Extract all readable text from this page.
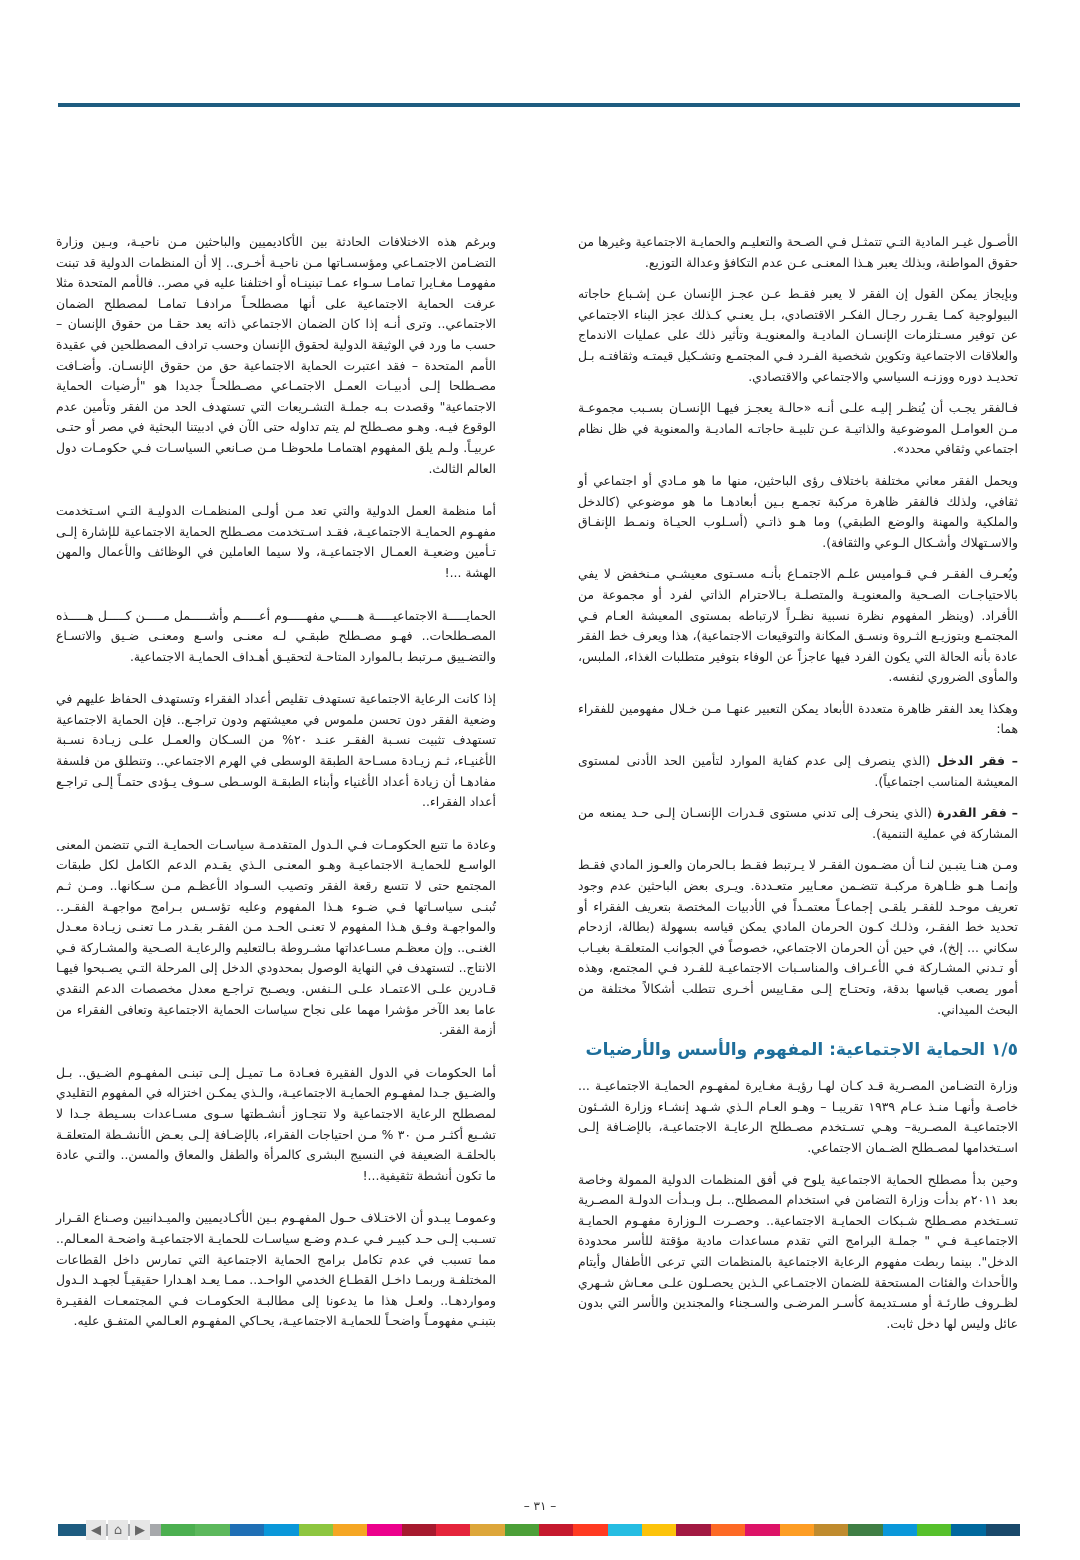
الأصـول غيـر المادية التـي تتمثـل فـي الصـحة والتعليـم والحمايـة الاجتماعية وغيرها من حقوق المواطنة، وبذلك يعبر هـذا المعنـى عـن عدم التكافؤ وعدالة التوزيع.

وبإيجاز يمكن القول إن الفقر لا يعبر فقـط عـن عجـز الإنسان عـن إشـباع حاجاته البيولوجية كمـا يقـرر رجـال الفكـر الاقتصادي، بـل يعنـي كـذلك عجز البناء الاجتماعي عن توفير مسـتلزمات الإنسـان الماديـة والمعنويـة وتأثير ذلك على عمليات الاندماج والعلاقات الاجتماعية وتكوين شخصية الفـرد فـي المجتمـع وتشـكيل قيمتـه وثقافتـه بـل تحديـد دوره ووزنـه السياسي والاجتماعي والاقتصادي.

فـالفقر يجـب أن يُنظـر إليـه علـى أنـه «حالـة يعجـز فيهـا الإنسـان بسـبب مجموعـة مـن العوامـل الموضوعية والذاتيـة عـن تلبيـة حاجاتـه الماديـة والمعنوية في ظل نظام اجتماعي وثقافي محدد».

ويحمل الفقر معاني مختلفة باختلاف رؤى الباحثين، منها ما هو مـادي أو اجتماعي أو ثقافي، ولذلك فالفقر ظاهرة مركبة تجمـع بـين أبعادهـا ما هو موضوعي (كالدخل والملكية والمهنة والوضع الطبقي) وما هـو ذاتـي (أسـلوب الحيـاة ونمـط الإنفـاق والاسـتهلاك وأشـكال الـوعي والثقافة).

ويُعـرف الفقـر فـي قـواميس علـم الاجتمـاع بأنـه مسـتوى معيشـي مـنخفض لا يفي بالاحتياجـات الصـحية والمعنويـة والمتصلـة بـالاحترام الذاتي لفرد أو مجموعة من الأفراد. (وينظر المفهوم نظرة نسبية نظـراً لارتباطه بمستوى المعيشة العـام فـي المجتمـع وبتوزيـع الثـروة ونسـق المكانة والتوقيعات الاجتماعية)، هذا ويعرف خط الفقر عادة بأنه الحالة التي يكون الفرد فيها عاجزاً عن الوفاء بتوفير متطلبات الغذاء، الملبس، والمأوى الضروري لنفسه.

وهكذا يعد الفقر ظاهرة متعددة الأبعاد يمكن التعبير عنهـا مـن خـلال مفهومين للفقراء هما:

– فقر الدخل (الذي ينصرف إلى عدم كفاية الموارد لتأمين الحد الأدنى لمستوى المعيشة المناسب اجتماعياً).

– فقر القدرة (الذي ينحرف إلى تدني مستوى قـدرات الإنسـان إلـى حـد يمنعه من المشاركة في عملية التنمية).

ومـن هنـا يتبـين لنـا أن مضـمون الفقـر لا يـرتبط فقـط بـالحرمان والعـوز المادي فقـط وإنمـا هـو ظـاهرة مركبـة تتضـمن معـايير متعـددة. ويـرى بعض الباحثين عدم وجود تعريف موحـد للفقـر يلقـى إجماعـاً معتمـداً في الأدبيات المختصة بتعريف الفقراء أو تحديد خط الفقـر، وذلـك كـون الحرمان المادي يمكن قياسه بسهولة (بطالة، ازدحام سكاني ... إلخ)، في حين أن الحرمان الاجتماعي، خصوصاً في الجوانب المتعلقـة بغيـاب أو تـدني المشـاركة فـي الأعـراف والمناسـبات الاجتماعيـة للفـرد فـي المجتمع، وهذه أمور يصعب قياسها بدقة، وتحتـاج إلـى مقـاييس أخـرى تتطلب أشكالاً مختلفة من البحث الميداني.

١/٥ الحماية الاجتماعية: المفهوم والأسس والأرضيات

وزارة التضـامن المصـرية قـد كـان لهـا رؤيـة مغـايرة لمفهـوم الحمايـة الاجتماعيـة ... خاصـة وأنهـا منـذ عـام ١٩٣٩ تقريبـا – وهـو العـام الـذي شـهد إنشـاء وزارة الشـئون الاجتماعيـة المصـرية– وهـي تسـتخدم مصـطلح الرعايـة الاجتماعيـة، بالإضـافة إلـى اسـتخدامها لمصـطلح الضـمان الاجتماعي.

وحين بدأ مصطلح الحماية الاجتماعية يلوح في أفق المنظمات الدولية الممولة وخاصة بعد ٢٠١١م بدأت وزارة التضامن في استخدام المصطلح.. بـل وبـدأت الدولـة المصـرية تسـتخدم مصـطلح شـبكات الحمايـة الاجتماعية.. وحصـرت الـوزارة مفهـوم الحمايـة الاجتماعيـة فـي " جملـة البرامج التي تقدم مساعدات مادية مؤقتة للأسر محدودة الدخل". بينما ربطت مفهوم الرعاية الاجتماعية بالمنظمات التي ترعى الأطفال وأيتام والأحداث والفئات المستحقة للضمان الاجتمـاعي الـذين يحصـلون علـى معـاش شـهري لظـروف طارئـة أو مسـتديمة كأسـر المرضـى والسـجناء والمجندين والأسر التي بدون عائل وليس لها دخل ثابت.

وبرغم هذه الاختلافات الحادثة بين الأكاديميين والباحثين مـن ناحيـة، وبـين وزارة التضـامن الاجتمـاعي ومؤسسـاتها مـن ناحيـة أخـرى.. إلا أن المنظمات الدولية قد تبنت مفهومـا مغـايرا تمامـا سـواء عمـا تبنينـاه أو اختلفنا عليه في مصر.. فالأمم المتحدة مثلا عرفت الحماية الاجتماعية على أنها مصطلحـاً مرادفـا تمامـا لمصطلح الضمان الاجتماعي.. وترى أنـه إذا كان الضمان الاجتماعي ذاته يعد حقـا من حقوق الإنسان – حسب ما ورد في الوثيقة الدولية لحقوق الإنسان وحسب ترادف المصطلحين في عقيدة الأمم المتحدة – فقد اعتبرت الحماية الاجتماعية حق من حقوق الإنسـان. وأضـافت مصـطلحا إلـى أدبيـات العمـل الاجتمـاعي مصـطلحـاً جديدا هو "أرضيات الحماية الاجتماعية" وقصدت بـه جملـة التشـريعات التي تستهدف الحد من الفقر وتأمين عدم الوقوع فيـه. وهـو مصـطلح لم يتم تداوله حتى الآن في ادبيتنا البحثية في مصر أو حتـى عربيـاً. ولـم يلق المفهوم اهتمامـا ملحوظـا مـن صـانعي السياسـات فـي حكومـات دول العالم الثالث.

أما منظمة العمل الدولية والتي تعد مـن أولـى المنظمـات الدوليـة التـي اسـتخدمت مفهـوم الحمايـة الاجتماعيـة، فقـد اسـتخدمت مصـطلح الحماية الاجتماعية للإشارة إلـى تـأمين وضعيـة العمـال الاجتماعيـة، ولا سيما العاملين في الوظائف والأعمال والمهن الهشة ...!

الحمايـــــة الاجتماعيـــــة هـــــي مفهـــــوم أعـــــم وأشـــــمل مـــــن كـــــل هـــــذه المصـطلحات.. فهـو مصـطلح طبقـي لـه معنـى واسـع ومعنـى ضـيق والاتسـاع والتضـييق مـرتبط بـالموارد المتاحـة لتحقيـق أهـداف الحمايـة الاجتماعية.

إذا كانت الرعاية الاجتماعية تستهدف تقليص أعداد الفقراء وتستهدف الحفاظ عليهم في وضعية الفقر دون تحسن ملموس في معيشتهم ودون تراجـع.. فإن الحماية الاجتماعية تستهدف تثبيت نسـبة الفقـر عنـد ٢٠% من السـكان والعمـل علـى زيـادة نسـبة الأغنيـاء، ثـم زيـادة مسـاحة الطبقة الوسطى في الهرم الاجتماعي.. وتنطلق من فلسفة مفادهـا أن زيادة أعداد الأغنياء وأبناء الطبقـة الوسـطى سـوف يـؤدى حتمـاً إلـى تراجـع أعداد الفقراء..

وعادة ما تتبع الحكومـات فـي الـدول المتقدمـة سياسـات الحمايـة التـي تتضمن المعنى الواسـع للحمايـة الاجتماعيـة وهـو المعنـى الـذي يقـدم الدعم الكامل لكل طبقات المجتمع حتى لا تتسع رقعة الفقر وتصيب السـواد الأعظـم مـن سـكانها.. ومـن ثـم تُبنـى سياسـاتها فـي ضـوء هـذا المفهوم وعليه تؤسـس بـرامج مواجهـة الفقـر.. والمواجهـة وفـق هـذا المفهوم لا تعنـى الحـد مـن الفقـر بقـدر مـا تعنـى زيـادة معـدل الغنـى.. وإن معظـم مسـاعداتها مشـروطة بـالتعليم والرعايـة الصـحية والمشـاركة فـي الانتاج.. لتستهدف في النهاية الوصول بمحدودي الدخل إلى المرحلة التـي يصـبحوا فيهـا قـادرين علـى الاعتمـاد علـى الـنفس. ويصـبح تراجـع معدل مخصصات الدعم النقدي عاما بعد الآخر مؤشرا مهما على نجاح سياسات الحماية الاجتماعية وتعافى الفقراء من أزمة الفقر.

أما الحكومات في الدول الفقيرة فعـادة مـا تميـل إلـى تبنـى المفهـوم الضـيق.. بـل والضـيق جـدا لمفهـوم الحمايـة الاجتماعيـة، والـذي يمكـن اختزاله في المفهوم التقليدي لمصطلح الرعاية الاجتماعية ولا تتجـاوز أنشـطتها سـوى مسـاعدات بسـيطة جـدا لا تشـبع أكثـر مـن ٣٠ % مـن احتياجات الفقراء، بالإضـافة إلـى بعـض الأنشـطة المتعلقـة بالحلقـة الضعيفة في النسيج البشرى كالمرأة والطفل والمعاق والمسن.. والتـي عادة ما تكون أنشطة تثقيفية...!

وعمومـا يبـدو أن الاختـلاف حـول المفهـوم بـين الأكـاديميين والميـدانيين وصـناع القـرار تسـبب إلـى حـد كبيـر فـي عـدم وضـع سياسـات للحمايـة الاجتماعيـة واضحـة المعـالم.. مما تسبب في عدم تكامل برامج الحماية الاجتماعية التي تمارس داخل القطاعات المختلفـة وربمـا داخـل القطـاع الخدمي الواحـد.. ممـا يعـد اهـدارا حقيقيـاً لجهـد الـدول ومواردهـا.. ولعـل هذا ما يدعونا إلى مطالبـة الحكومـات فـي المجتمعـات الفقيـرة بتبنـي مفهومـاً واضحـاً للحمايـة الاجتماعيـة، يحـاكي المفهـوم العـالمي المتفـق عليه.

– ٣١ –
◀ ⌂ ▶
